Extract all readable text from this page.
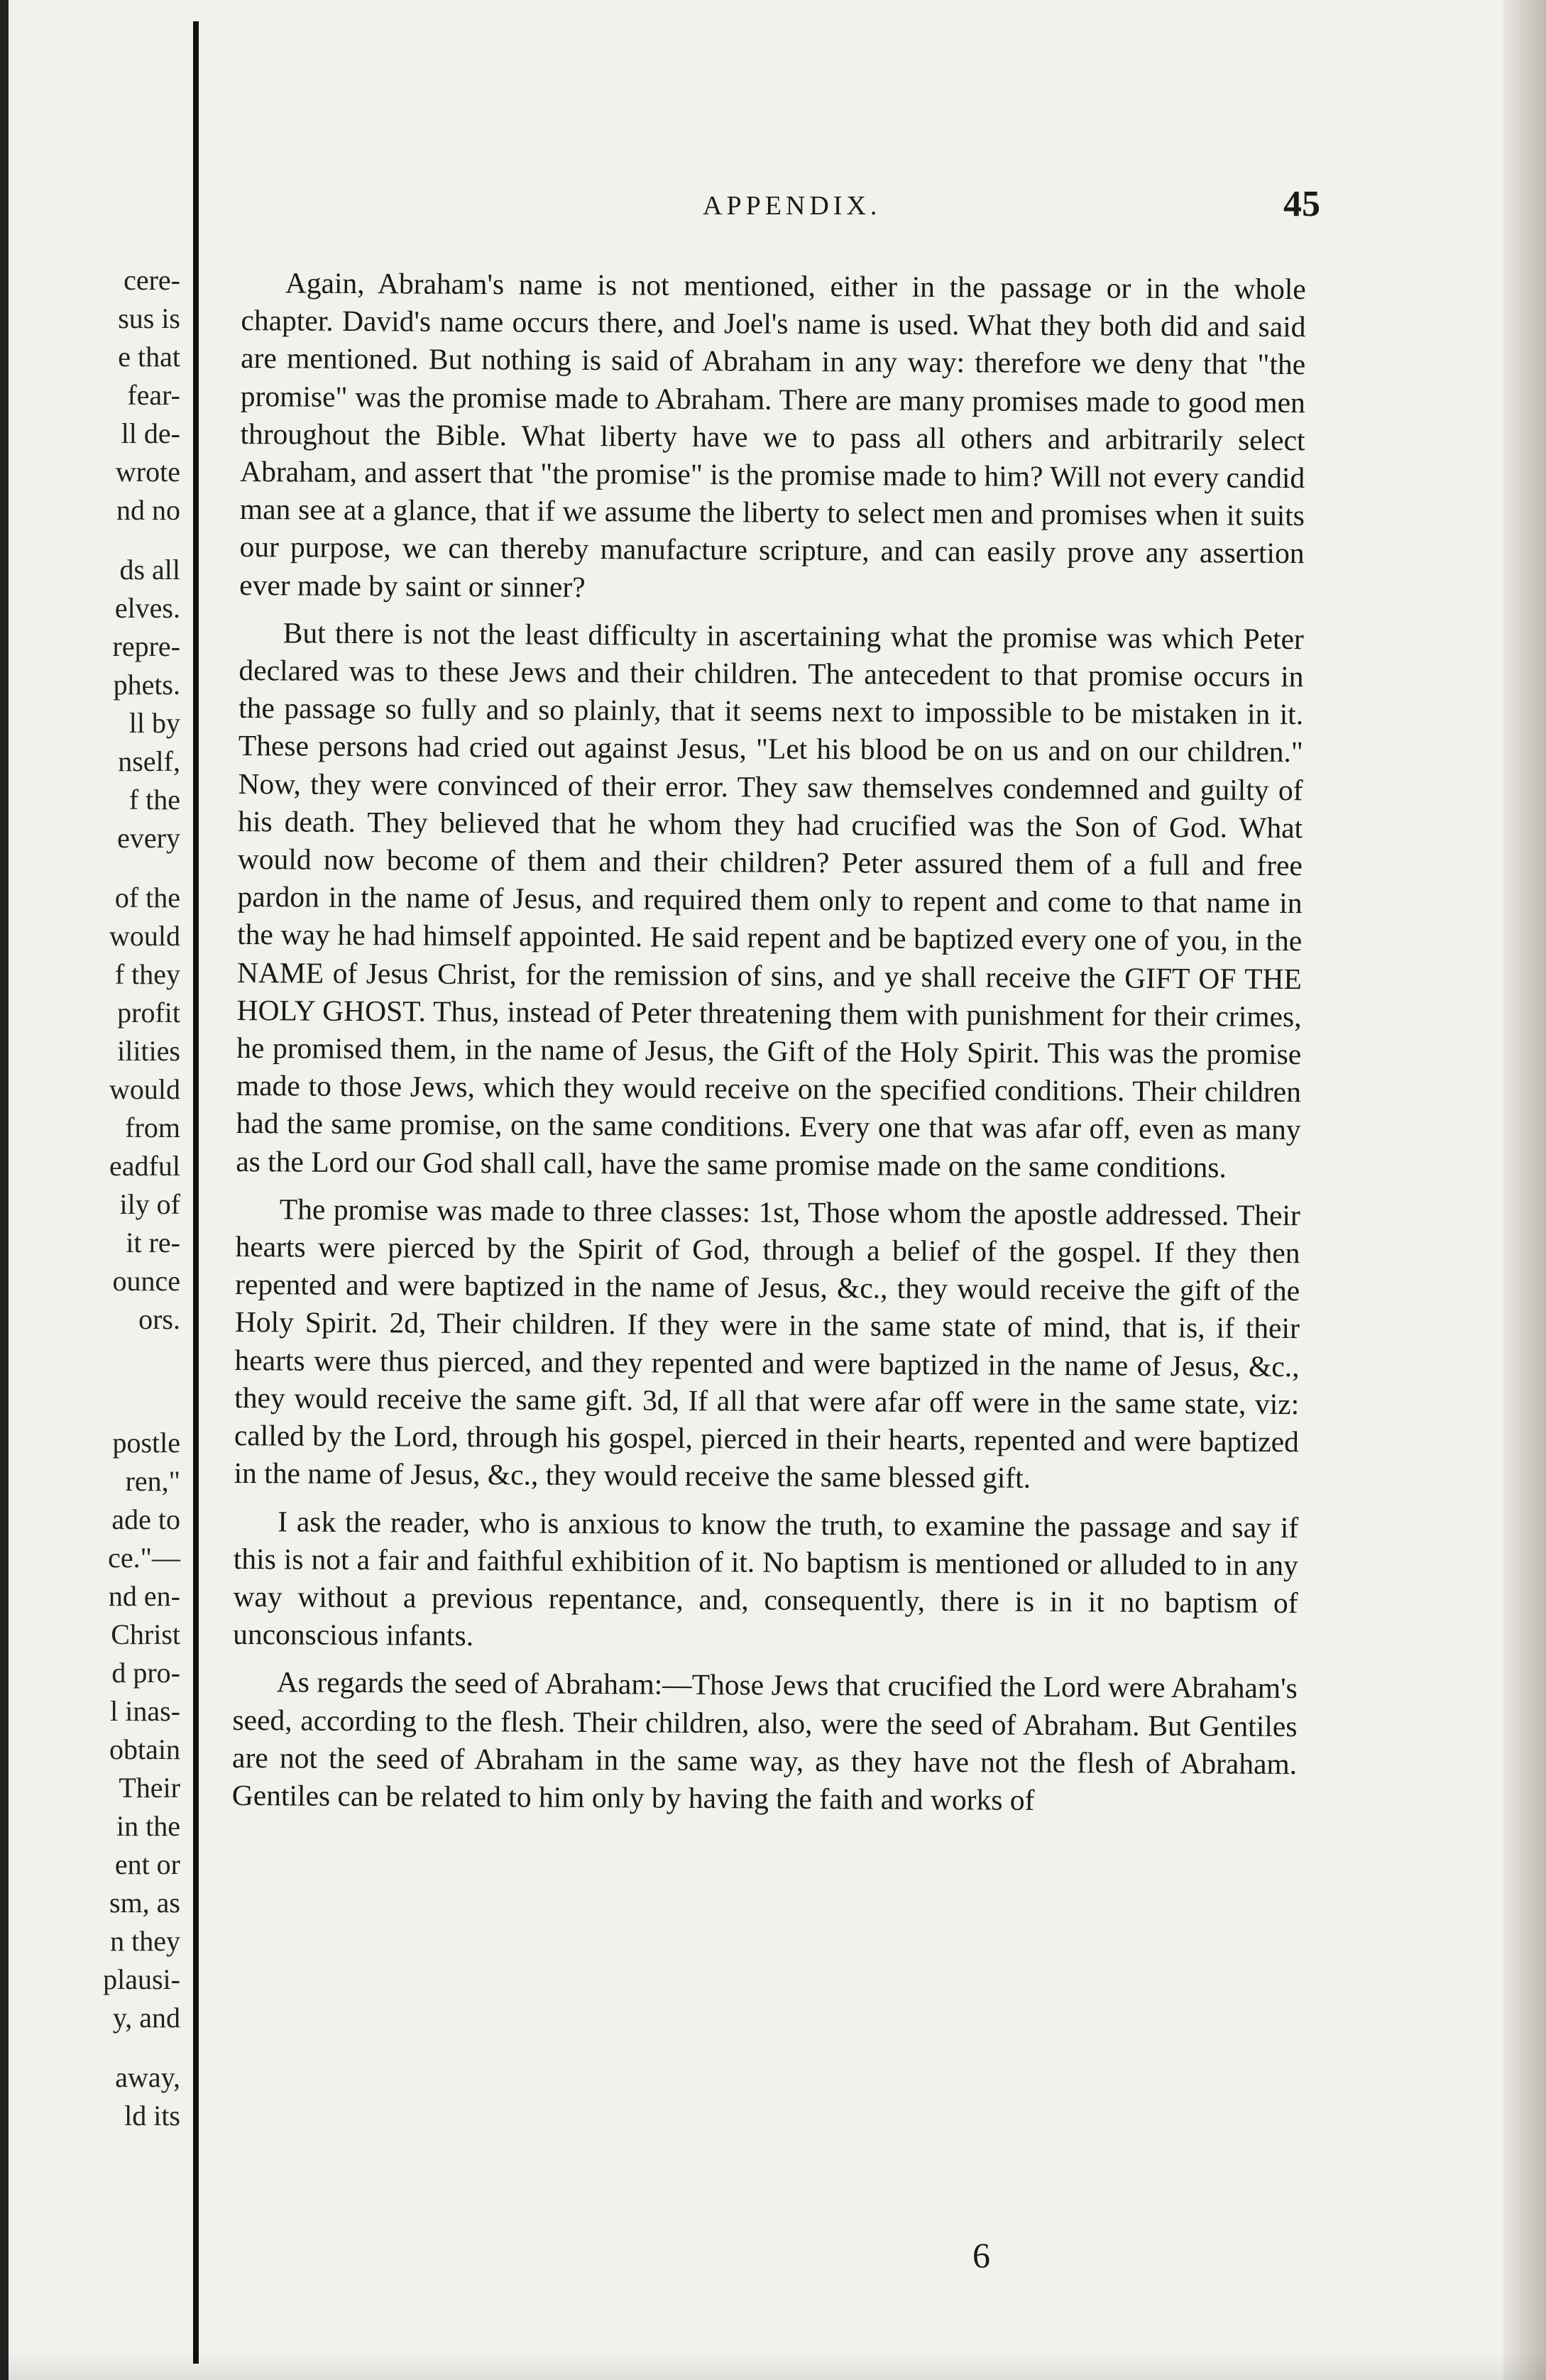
cere-
sus is
e that
fear-
ll de-
wrote
nd no
ds all
elves.
repre-
phets.
ll by
nself,
f the
every
of the
would
f they
profit
ilities
would
from
eadful
ily of
it re-
ounce
ors.
postle
ren,"
ade to
ce."—
nd en-
Christ
d pro-
l inas-
obtain
Their
in the
ent or
sm, as
n they
plausi-
y, and
away,
ld its
APPENDIX.	45

Again, Abraham's name is not mentioned, either in the passage or in the whole chapter. David's name occurs there, and Joel's name is used. What they both did and said are mentioned. But nothing is said of Abraham in any way: therefore we deny that "the promise" was the promise made to Abraham. There are many promises made to good men throughout the Bible. What liberty have we to pass all others and arbitrarily select Abraham, and assert that "the promise" is the promise made to him? Will not every candid man see at a glance, that if we assume the liberty to select men and promises when it suits our purpose, we can thereby manufacture scripture, and can easily prove any assertion ever made by saint or sinner?

But there is not the least difficulty in ascertaining what the promise was which Peter declared was to these Jews and their children. The antecedent to that promise occurs in the passage so fully and so plainly, that it seems next to impossible to be mistaken in it. These persons had cried out against Jesus, "Let his blood be on us and on our children." Now, they were convinced of their error. They saw themselves condemned and guilty of his death. They believed that he whom they had crucified was the Son of God. What would now become of them and their children? Peter assured them of a full and free pardon in the name of Jesus, and required them only to repent and come to that name in the way he had himself appointed. He said repent and be baptized every one of you, in the NAME of Jesus Christ, for the remission of sins, and ye shall receive the GIFT OF THE HOLY GHOST. Thus, instead of Peter threatening them with punishment for their crimes, he promised them, in the name of Jesus, the Gift of the Holy Spirit. This was the promise made to those Jews, which they would receive on the specified conditions. Their children had the same promise, on the same conditions. Every one that was afar off, even as many as the Lord our God shall call, have the same promise made on the same conditions.

The promise was made to three classes: 1st, Those whom the apostle addressed. Their hearts were pierced by the Spirit of God, through a belief of the gospel. If they then repented and were baptized in the name of Jesus, &c., they would receive the gift of the Holy Spirit. 2d, Their children. If they were in the same state of mind, that is, if their hearts were thus pierced, and they repented and were baptized in the name of Jesus, &c., they would receive the same gift. 3d, If all that were afar off were in the same state, viz: called by the Lord, through his gospel, pierced in their hearts, repented and were baptized in the name of Jesus, &c., they would receive the same blessed gift.

I ask the reader, who is anxious to know the truth, to examine the passage and say if this is not a fair and faithful exhibition of it. No baptism is mentioned or alluded to in any way without a previous repentance, and, consequently, there is in it no baptism of unconscious infants.

As regards the seed of Abraham:—Those Jews that crucified the Lord were Abraham's seed, according to the flesh. Their children, also, were the seed of Abraham. But Gentiles are not the seed of Abraham in the same way, as they have not the flesh of Abraham. Gentiles can be related to him only by having the faith and works of

6
